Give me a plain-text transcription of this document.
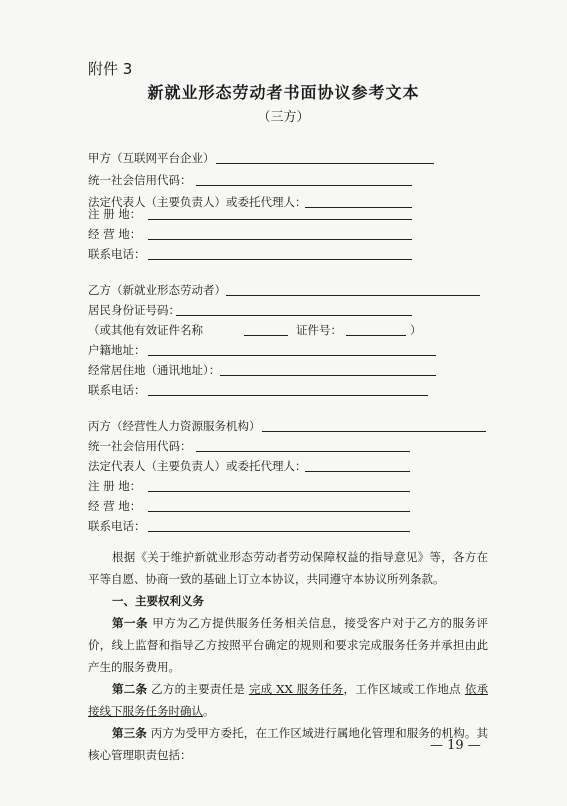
附件 3
新就业形态劳动者书面协议参考文本
（三方）
甲方（互联网平台企业）
统一社会信用代码：
法定代表人（主要负责人）或委托代理人：
注 册 地：
经 营 地：
联系电话：
乙方（新就业形态劳动者）
居民身份证号码：
（或其他有效证件名称	证件号：	）
户籍地址：
经常居住地（通讯地址）：
联系电话：
丙方（经营性人力资源服务机构）
统一社会信用代码：
法定代表人（主要负责人）或委托代理人：
注 册 地：
经 营 地：
联系电话：
根据《关于维护新就业形态劳动者劳动保障权益的指导意见》等，各方在平等自愿、协商一致的基础上订立本协议，共同遵守本协议所列条款。
一、主要权利义务
第一条 甲方为乙方提供服务任务相关信息，接受客户对于乙方的服务评价，线上监督和指导乙方按照平台确定的规则和要求完成服务任务并承担由此产生的服务费用。
第二条 乙方的主要责任是 完成 XX 服务任务，工作区域或工作地点 依承接线下服务任务时确认。
第三条 丙方为受甲方委托，在工作区域进行属地化管理和服务的机构。其核心管理职责包括：
— 19 —
